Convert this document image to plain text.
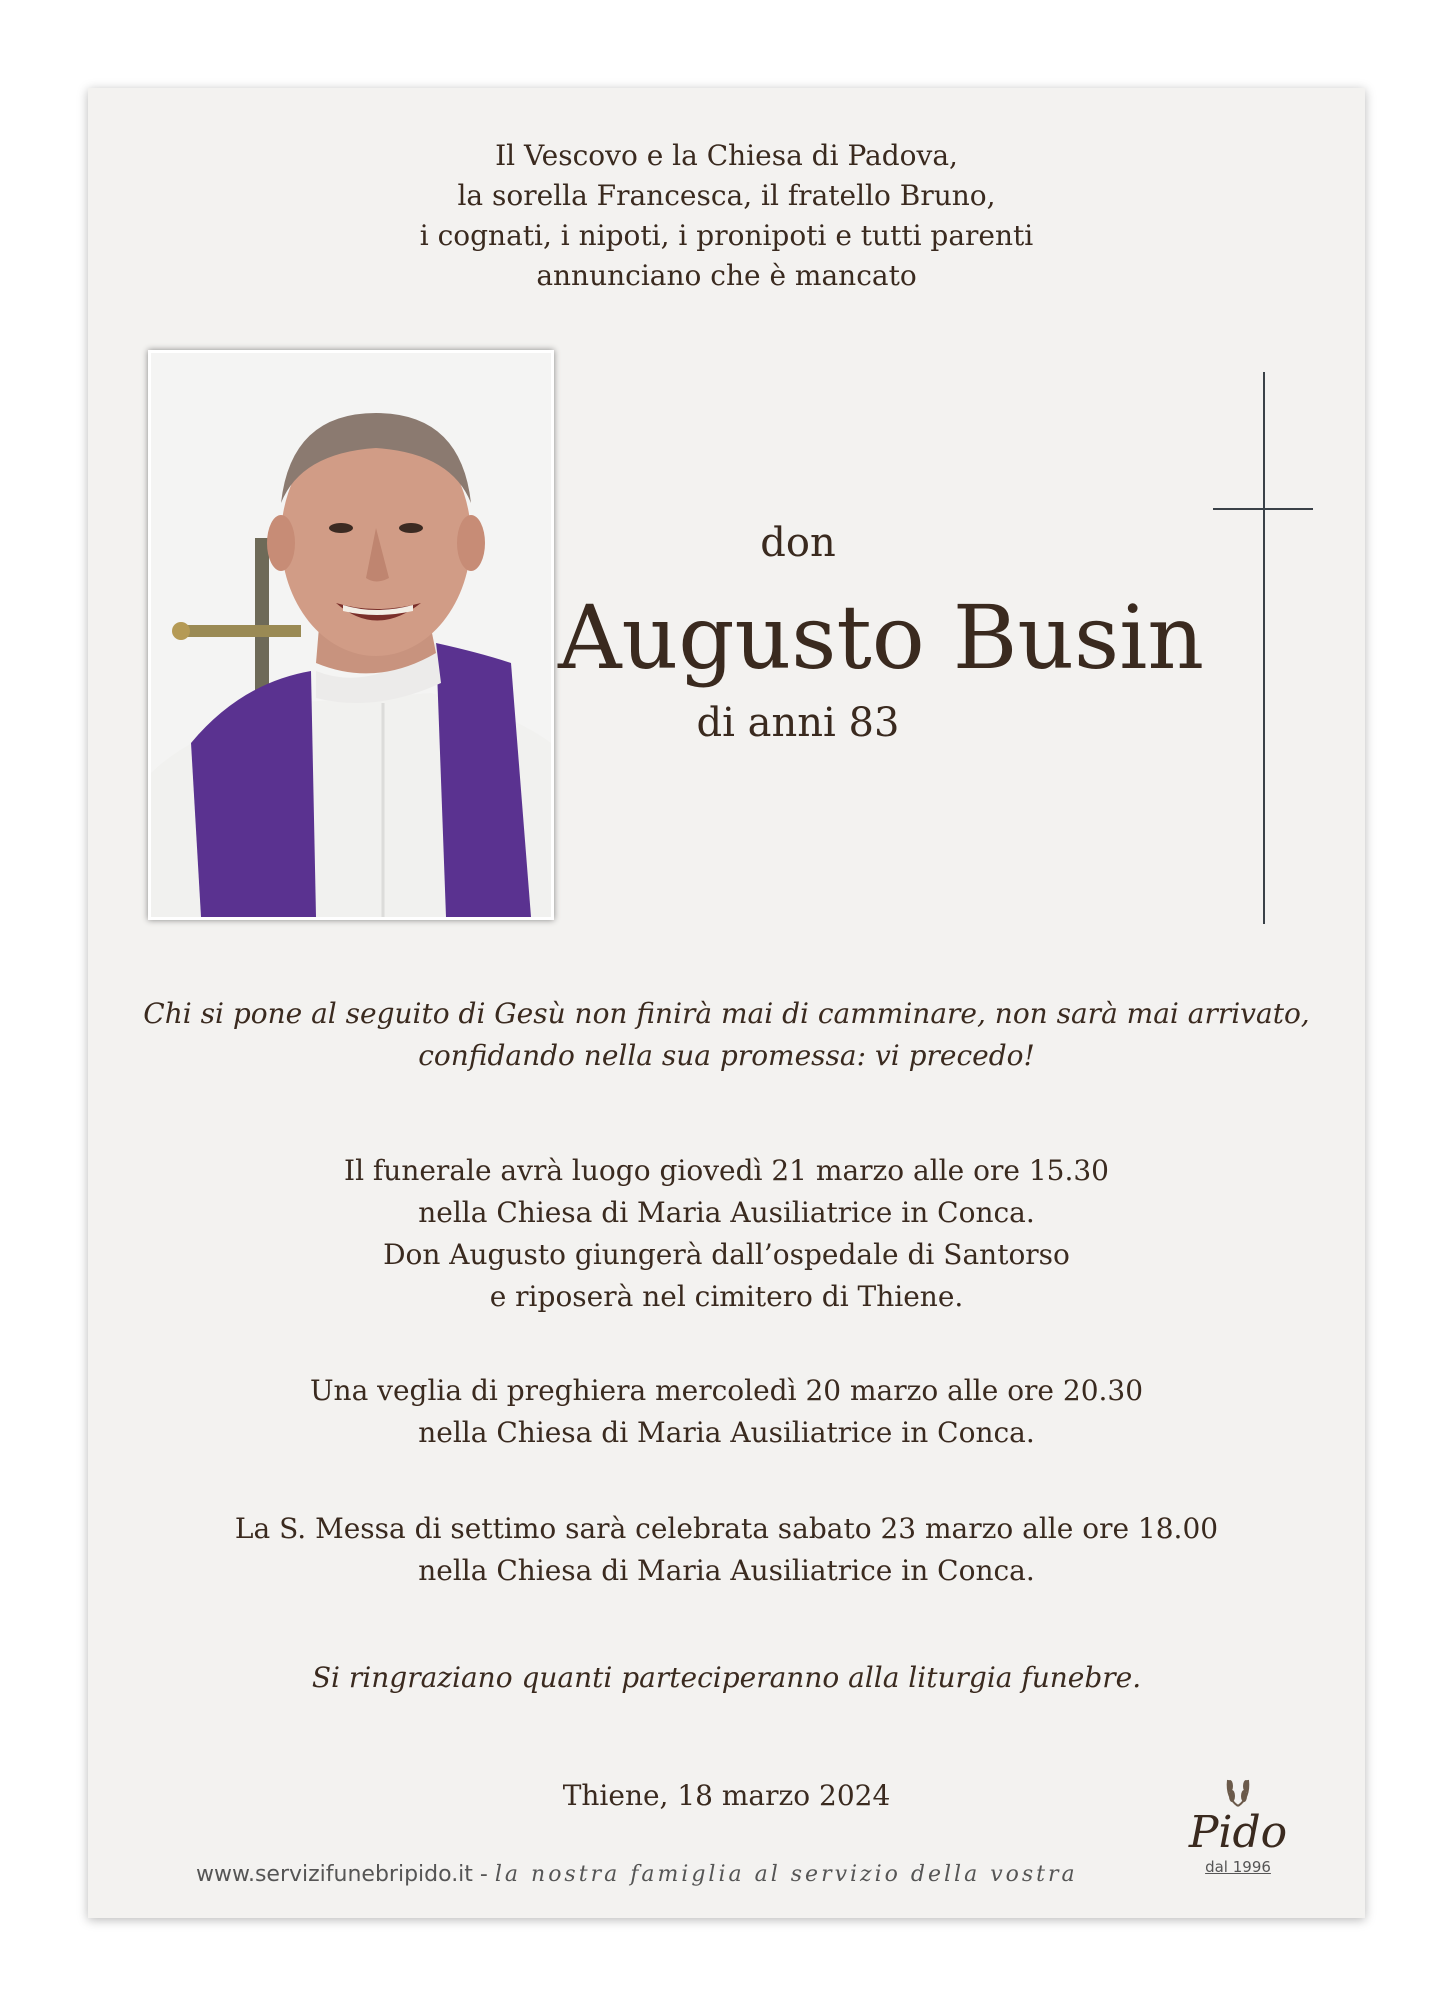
Il Vescovo e la Chiesa di Padova,
la sorella Francesca, il fratello Bruno,
i cognati, i nipoti, i pronipoti e tutti parenti
annunciano che è mancato
don
Augusto Busin
di anni 83
Chi si pone al seguito di Gesù non finirà mai di camminare, non sarà mai arrivato,
confidando nella sua promessa: vi precedo!
Il funerale avrà luogo giovedì 21 marzo alle ore 15.30
nella Chiesa di Maria Ausiliatrice in Conca.
Don Augusto giungerà dall’ospedale di Santorso
e riposerà nel cimitero di Thiene.
Una veglia di preghiera mercoledì 20 marzo alle ore 20.30
nella Chiesa di Maria Ausiliatrice in Conca.
La S. Messa di settimo sarà celebrata sabato 23 marzo alle ore 18.00
nella Chiesa di Maria Ausiliatrice in Conca.
Si ringraziano quanti parteciperanno alla liturgia funebre.
Thiene, 18 marzo 2024
www.servizifunebripido.it - la nostra famiglia al servizio della vostra
Pido
dal 1996
